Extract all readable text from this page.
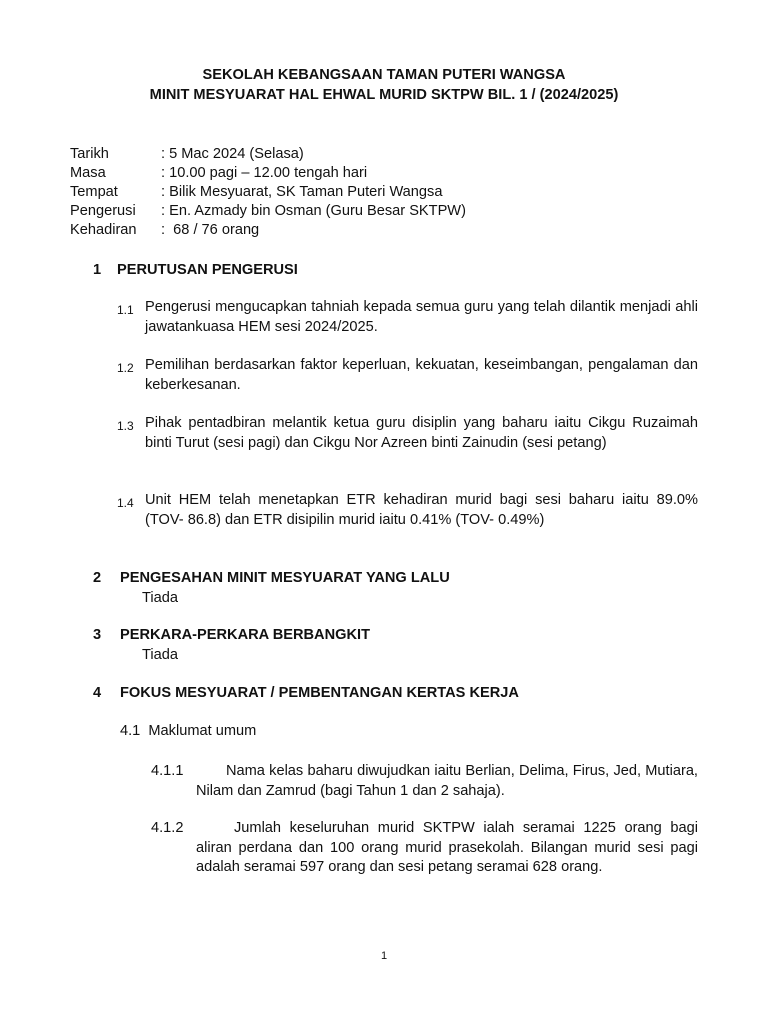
SEKOLAH KEBANGSAAN TAMAN PUTERI WANGSA
MINIT MESYUARAT HAL EHWAL MURID SKTPW BIL. 1 / (2024/2025)
Tarikh	: 5 Mac 2024 (Selasa)
Masa	: 10.00 pagi – 12.00 tengah hari
Tempat	: Bilik Mesyuarat, SK Taman Puteri Wangsa
Pengerusi : En. Azmady bin Osman (Guru Besar SKTPW)
Kehadiran :  68 / 76 orang
1 PERUTUSAN PENGERUSI
1.1 Pengerusi mengucapkan tahniah kepada semua guru yang telah dilantik menjadi ahli jawatankuasa HEM sesi 2024/2025.
1.2 Pemilihan berdasarkan faktor keperluan, kekuatan, keseimbangan, pengalaman dan keberkesanan.
1.3 Pihak pentadbiran melantik ketua guru disiplin yang baharu iaitu Cikgu Ruzaimah binti Turut (sesi pagi) dan Cikgu Nor Azreen binti Zainudin (sesi petang)
1.4 Unit HEM telah menetapkan ETR kehadiran murid bagi sesi baharu iaitu 89.0% (TOV- 86.8) dan ETR disipilin murid iaitu 0.41% (TOV- 0.49%)
2 PENGESAHAN MINIT MESYUARAT YANG LALU
Tiada
3 PERKARA-PERKARA BERBANGKIT
Tiada
4 FOKUS MESYUARAT / PEMBENTANGAN KERTAS KERJA
4.1  Maklumat umum
4.1.1	Nama kelas baharu diwujudkan iaitu Berlian, Delima, Firus, Jed, Mutiara, Nilam dan Zamrud (bagi Tahun 1 dan 2 sahaja).
4.1.2	Jumlah keseluruhan murid SKTPW ialah seramai 1225 orang bagi aliran perdana dan 100 orang murid prasekolah. Bilangan murid sesi pagi adalah seramai 597 orang dan sesi petang seramai 628 orang.
1
